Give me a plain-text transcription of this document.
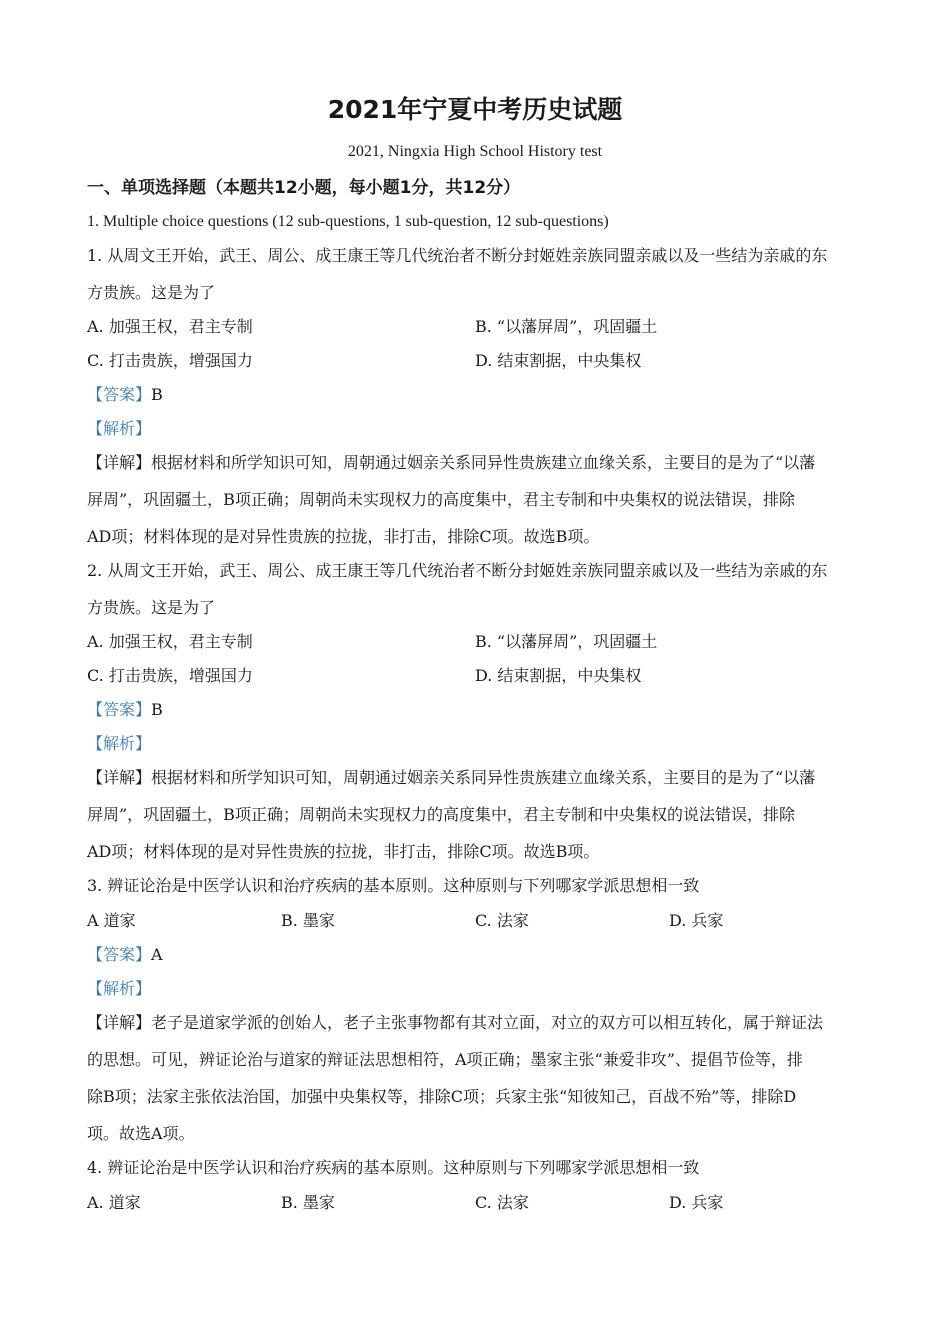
2021年宁夏中考历史试题
2021, Ningxia High School History test
一、单项选择题（本题共12小题，每小题1分，共12分）
1. Multiple choice questions (12 sub-questions, 1 sub-question, 12 sub-questions)
1. 从周文王开始，武王、周公、成王康王等几代统治者不断分封姬姓亲族同盟亲戚以及一些结为亲戚的东
方贵族。这是为了
A. 加强王权，君主专制	B. “以藩屏周”，巩固疆土
C. 打击贵族，增强国力	D. 结束割据，中央集权
【答案】B
【解析】
【详解】根据材料和所学知识可知，周朝通过姻亲关系同异性贵族建立血缘关系，主要目的是为了“以藩
屏周”，巩固疆土，B项正确；周朝尚未实现权力的高度集中，君主专制和中央集权的说法错误，排除
AD项；材料体现的是对异性贵族的拉拢，非打击，排除C项。故选B项。
2. 从周文王开始，武王、周公、成王康王等几代统治者不断分封姬姓亲族同盟亲戚以及一些结为亲戚的东
方贵族。这是为了
A. 加强王权，君主专制	B. “以藩屏周”，巩固疆土
C. 打击贵族，增强国力	D. 结束割据，中央集权
【答案】B
【解析】
【详解】根据材料和所学知识可知，周朝通过姻亲关系同异性贵族建立血缘关系，主要目的是为了“以藩
屏周”，巩固疆土，B项正确；周朝尚未实现权力的高度集中，君主专制和中央集权的说法错误，排除
AD项；材料体现的是对异性贵族的拉拢，非打击，排除C项。故选B项。
3. 辨证论治是中医学认识和治疗疾病的基本原则。这种原则与下列哪家学派思想相一致
A 道家	B. 墨家	C. 法家	D. 兵家
【答案】A
【解析】
【详解】老子是道家学派的创始人，老子主张事物都有其对立面，对立的双方可以相互转化，属于辩证法
的思想。可见，辨证论治与道家的辩证法思想相符，A项正确；墨家主张“兼爱非攻”、提倡节俭等，排
除B项；法家主张依法治国，加强中央集权等，排除C项；兵家主张“知彼知己，百战不殆”等，排除D
项。故选A项。
4. 辨证论治是中医学认识和治疗疾病的基本原则。这种原则与下列哪家学派思想相一致
A. 道家	B. 墨家	C. 法家	D. 兵家
